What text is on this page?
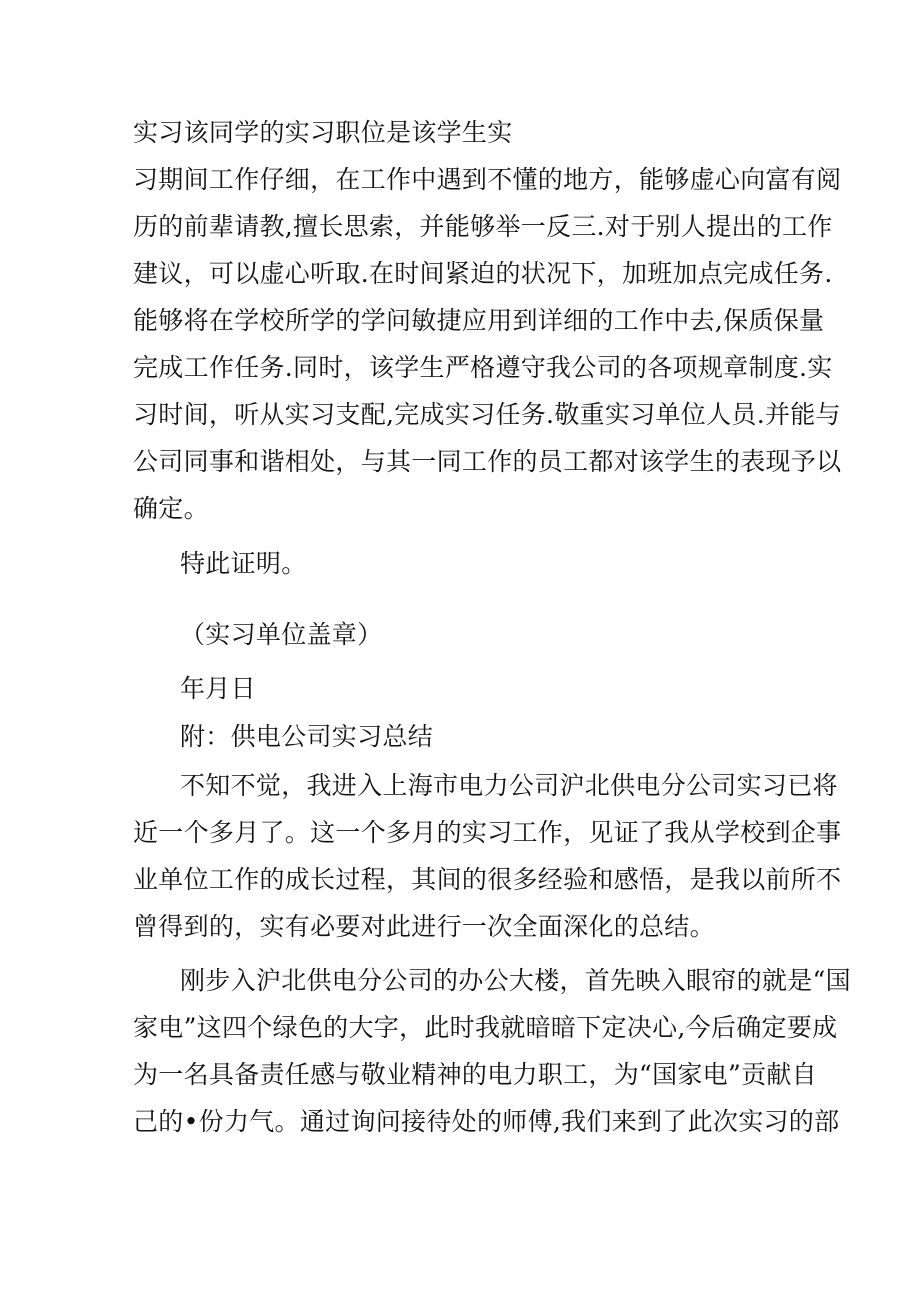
实习该同学的实习职位是该学生实
习期间工作仔细，在工作中遇到不懂的地方，能够虚心向富有阅
历的前辈请教,擅长思索，并能够举一反三.对于别人提出的工作
建议，可以虚心听取.在时间紧迫的状况下，加班加点完成任务.
能够将在学校所学的学问敏捷应用到详细的工作中去,保质保量
完成工作任务.同时，该学生严格遵守我公司的各项规章制度.实
习时间，听从实习支配,完成实习任务.敬重实习单位人员.并能与
公司同事和谐相处，与其一同工作的员工都对该学生的表现予以
确定。
特此证明。
（实习单位盖章）
年月日
附：供电公司实习总结
不知不觉，我进入上海市电力公司沪北供电分公司实习已将
近一个多月了。这一个多月的实习工作，见证了我从学校到企事
业单位工作的成长过程，其间的很多经验和感悟，是我以前所不
曾得到的，实有必要对此进行一次全面深化的总结。
刚步入沪北供电分公司的办公大楼，首先映入眼帘的就是“国
家电”这四个绿色的大字，此时我就暗暗下定决心,今后确定要成
为一名具备责任感与敬业精神的电力职工，为“国家电”贡献自
己的•份力气。通过询问接待处的师傅,我们来到了此次实习的部
